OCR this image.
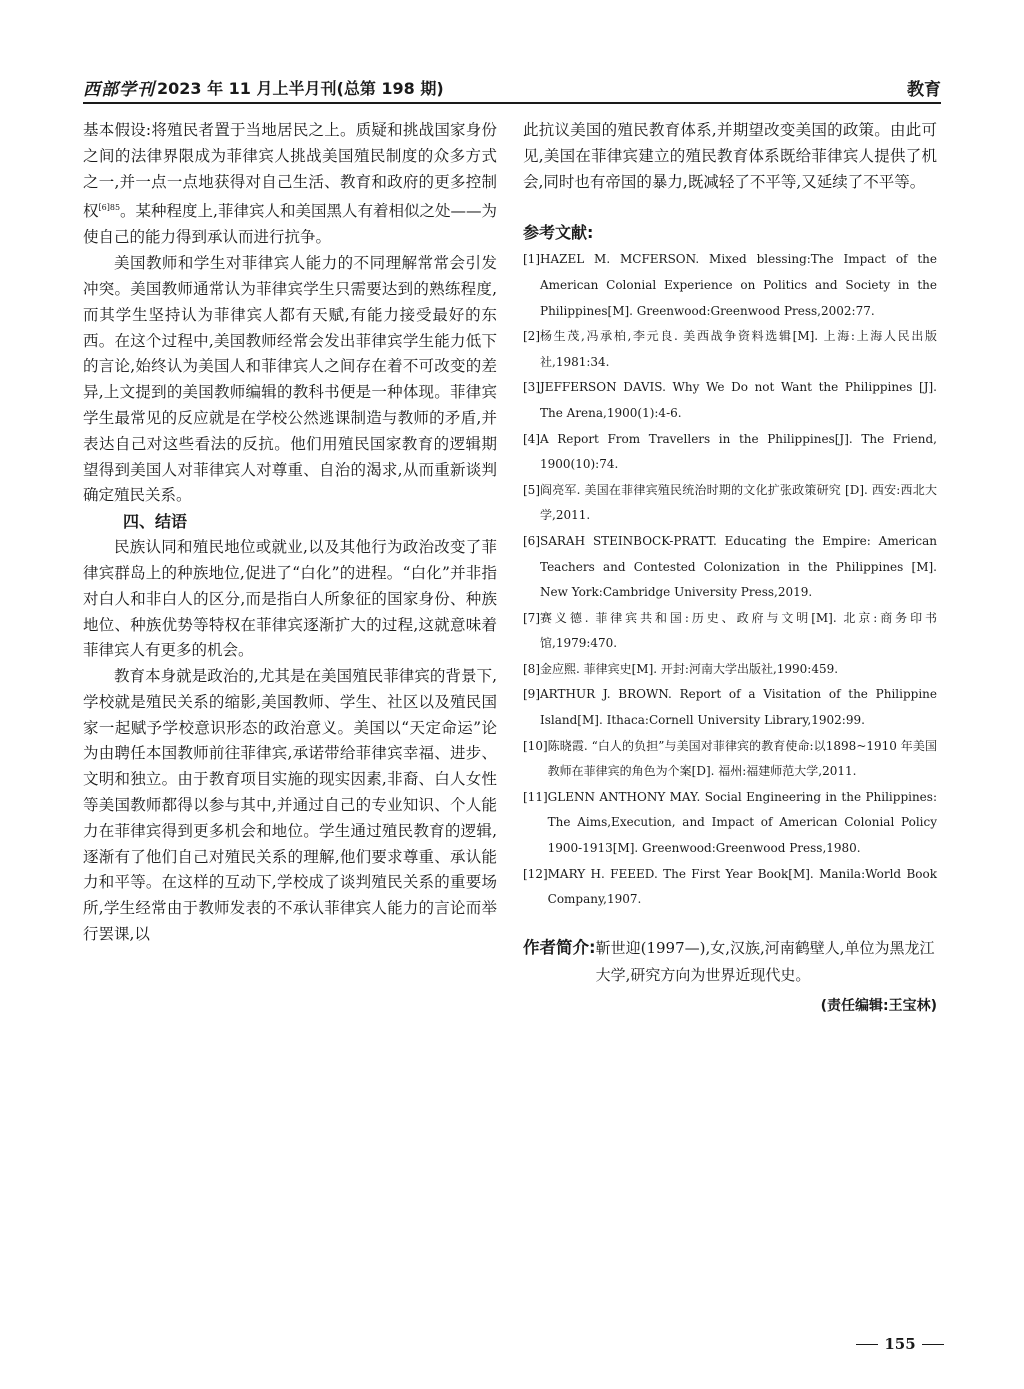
西部学刊 2023 年 11 月上半月刊(总第 198 期)	教育

基本假设:将殖民者置于当地居民之上。质疑和挑战国家身份之间的法律界限成为菲律宾人挑战美国殖民制度的众多方式之一,并一点一点地获得对自己生活、教育和政府的更多控制权$^{[6]85}$。某种程度上,菲律宾人和美国黑人有着相似之处——为使自己的能力得到承认而进行抗争。

美国教师和学生对菲律宾人能力的不同理解常常会引发冲突。美国教师通常认为菲律宾学生只需要达到的熟练程度,而其学生坚持认为菲律宾人都有天赋,有能力接受最好的东西。在这个过程中,美国教师经常会发出菲律宾学生能力低下的言论,始终认为美国人和菲律宾人之间存在着不可改变的差异,上文提到的美国教师编辑的教科书便是一种体现。菲律宾学生最常见的反应就是在学校公然逃课制造与教师的矛盾,并表达自己对这些看法的反抗。他们用殖民国家教育的逻辑期望得到美国人对菲律宾人对尊重、自治的渴求,从而重新谈判确定殖民关系。

四、结语

民族认同和殖民地位或就业,以及其他行为政治改变了菲律宾群岛上的种族地位,促进了“白化”的进程。“白化”并非指对白人和非白人的区分,而是指白人所象征的国家身份、种族地位、种族优势等特权在菲律宾逐渐扩大的过程,这就意味着菲律宾人有更多的机会。

教育本身就是政治的,尤其是在美国殖民菲律宾的背景下,学校就是殖民关系的缩影,美国教师、学生、社区以及殖民国家一起赋予学校意识形态的政治意义。美国以“天定命运”论为由聘任本国教师前往菲律宾,承诺带给菲律宾幸福、进步、文明和独立。由于教育项目实施的现实因素,非裔、白人女性等美国教师都得以参与其中,并通过自己的专业知识、个人能力在菲律宾得到更多机会和地位。学生通过殖民教育的逻辑,逐渐有了他们自己对殖民关系的理解,他们要求尊重、承认能力和平等。在这样的互动下,学校成了谈判殖民关系的重要场所,学生经常由于教师发表的不承认菲律宾人能力的言论而举行罢课,以

此抗议美国的殖民教育体系,并期望改变美国的政策。由此可见,美国在菲律宾建立的殖民教育体系既给菲律宾人提供了机会,同时也有帝国的暴力,既减轻了不平等,又延续了不平等。

参考文献:
[1] HAZEL M. MCFERSON. Mixed blessing:The Impact of the American Colonial Experience on Politics and Society in the Philippines[M]. Greenwood:Greenwood Press,2002:77.
[2] 杨生茂,冯承柏,李元良. 美西战争资料选辑[M]. 上海:上海人民出版社,1981:34.
[3] JEFFERSON DAVIS. Why We Do not Want the Philippines [J]. The Arena,1900(1):4-6.
[4] A Report From Travellers in the Philippines[J]. The Friend, 1900(10):74.
[5] 阎亮军. 美国在菲律宾殖民统治时期的文化扩张政策研究 [D]. 西安:西北大学,2011.
[6] SARAH STEINBOCK-PRATT. Educating the Empire: American Teachers and Contested Colonization in the Philippines [M]. New York:Cambridge University Press,2019.
[7] 赛义德. 菲律宾共和国:历史、政府与文明[M]. 北京:商务印书馆,1979:470.
[8] 金应熙. 菲律宾史[M]. 开封:河南大学出版社,1990:459.
[9] ARTHUR J. BROWN. Report of a Visitation of the Philippine Island[M]. Ithaca:Cornell University Library,1902:99.
[10] 陈晓霞. “白人的负担”与美国对菲律宾的教育使命:以1898~1910 年美国教师在菲律宾的角色为个案[D]. 福州:福建师范大学,2011.
[11] GLENN ANTHONY MAY. Social Engineering in the Philippines: The Aims,Execution, and Impact of American Colonial Policy 1900-1913[M]. Greenwood:Greenwood Press,1980.
[12] MARY H. FEEED. The First Year Book[M]. Manila:World Book Company,1907.
作者简介: 靳世迎(1997—),女,汉族,河南鹤壁人,单位为黑龙江大学,研究方向为世界近现代史。
(责任编辑:王宝林)
155
